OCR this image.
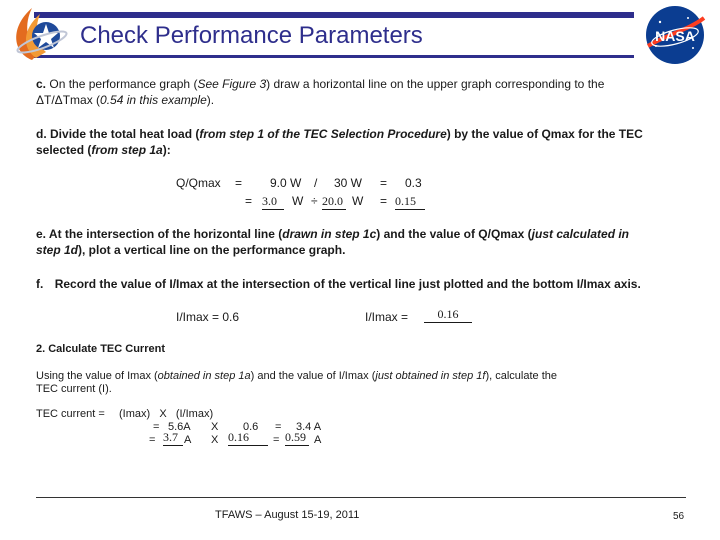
Check Performance Parameters	NASA
c. On the performance graph (See Figure 3) draw a horizontal line on the upper graph corresponding to the
ΔT/ΔTmax (0.54 in this example).
d. Divide the total heat load (from step 1 of the TEC Selection Procedure) by the value of Qmax for the TEC
selected (from step 1a):
Q/Qmax = 9.0 W / 30 W = 0.3
= 3.0	W ÷ 20.0 W = 0.15
e. At the intersection of the horizontal line (drawn in step 1c) and the value of Q/Qmax (just calculated in
step 1d), plot a vertical line on the performance graph.
f. Record the value of I/Imax at the intersection of the vertical line just plotted and the bottom I/Imax axis.
I/Imax = 0.6	I/Imax =	0.16
2. Calculate TEC Current
Using the value of Imax (obtained in step 1a) and the value of I/Imax (just obtained in step 1f), calculate the
TEC current (I).
TEC current = (Imax)   X   (I/Imax)
= 5.6A X 0.6 = 3.4 A
= 3.7 A X 0.16	= 0.59 A
TFAWS – August 15-19, 2011	56
